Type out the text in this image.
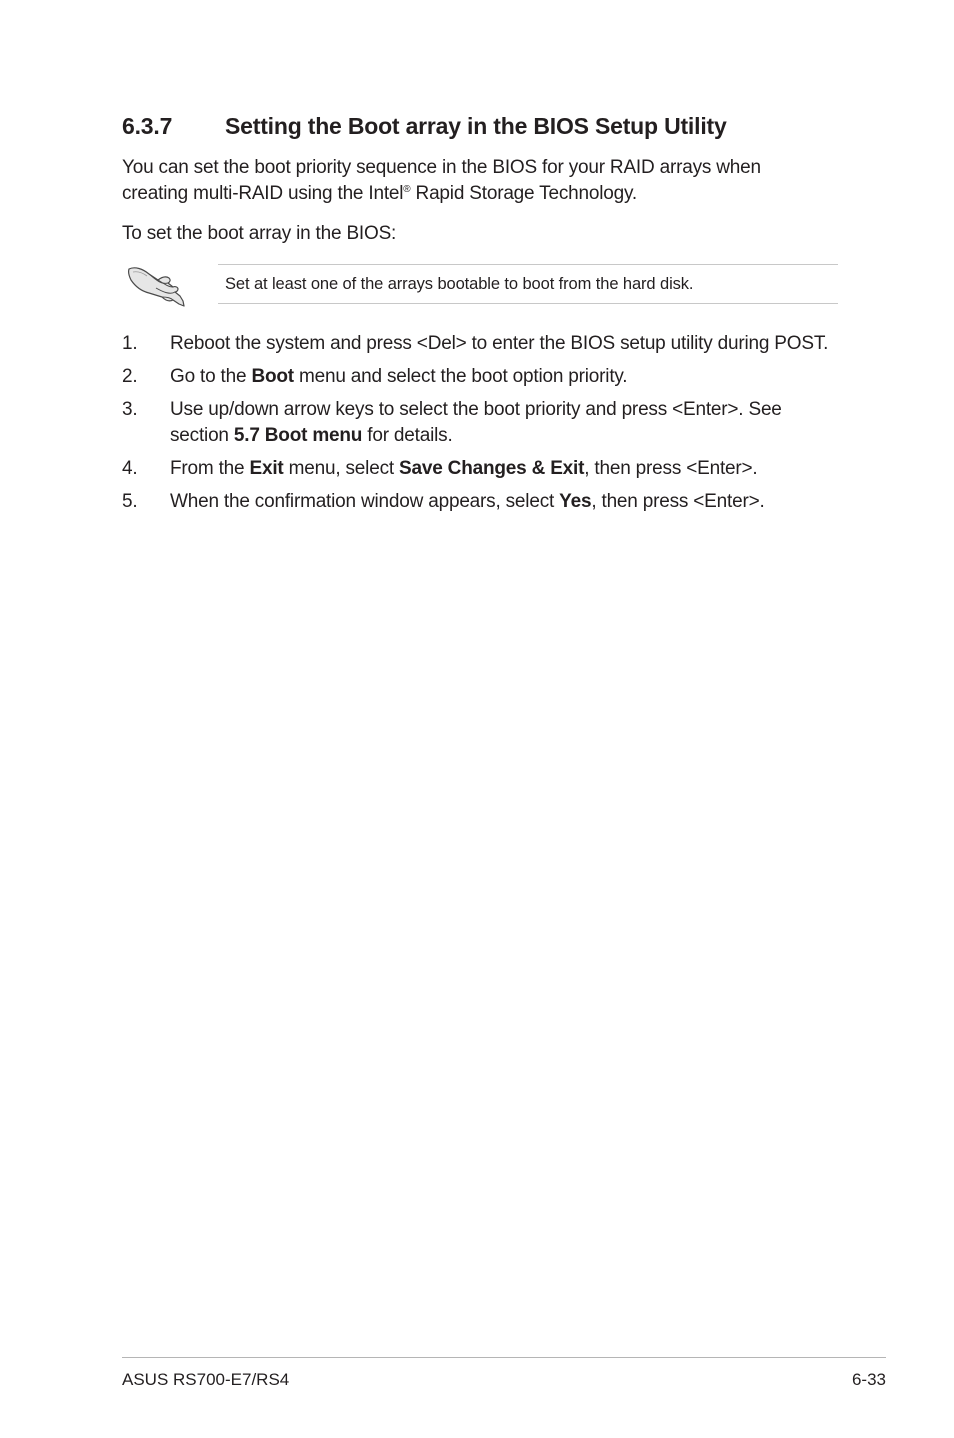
6.3.7 Setting the Boot array in the BIOS Setup Utility
You can set the boot priority sequence in the BIOS for your RAID arrays when
creating multi-RAID using the Intel® Rapid Storage Technology.
To set the boot array in the BIOS:
Set at least one of the arrays bootable to boot from the hard disk.
1. Reboot the system and press <Del> to enter the BIOS setup utility during POST.
2. Go to the Boot menu and select the boot option priority.
3. Use up/down arrow keys to select the boot priority and press <Enter>. See section 5.7 Boot menu for details.
4. From the Exit menu, select Save Changes & Exit, then press <Enter>.
5. When the confirmation window appears, select Yes, then press <Enter>.
ASUS RS700-E7/RS4	6-33
